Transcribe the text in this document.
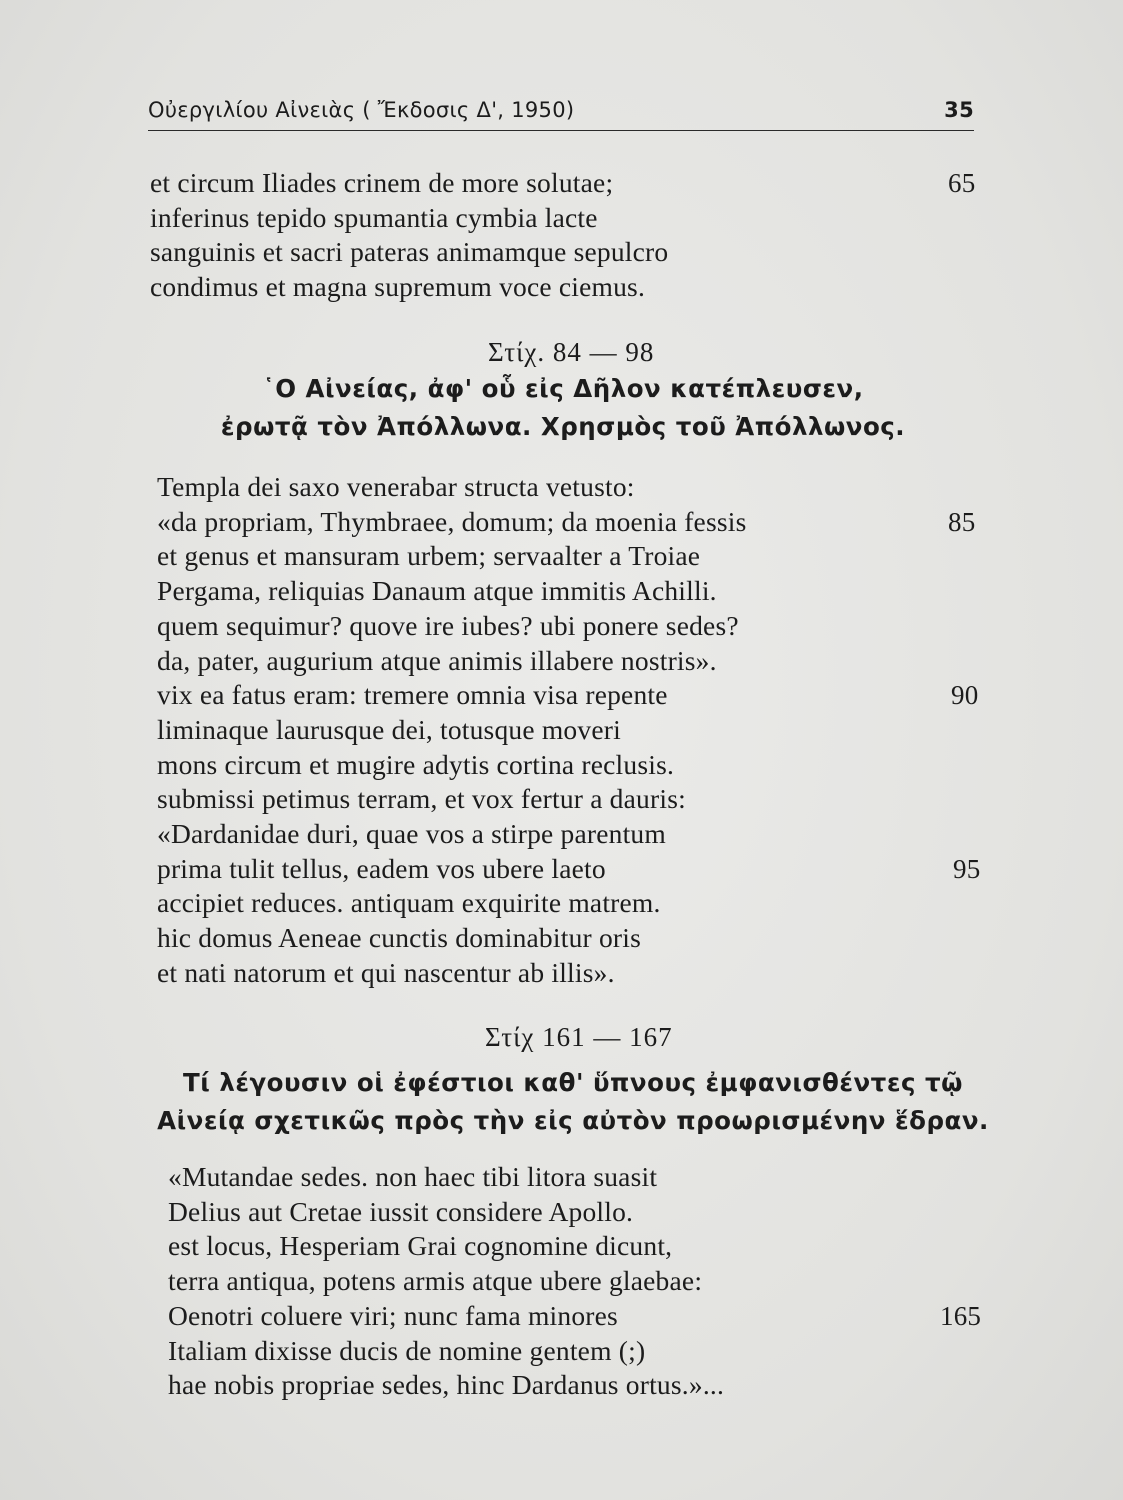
Οὐεργιλίου Αἰνειὰς ( Ἔκδοσις Δ', 1950)	35
et circum Iliades crinem de more solutae;	65
inferinus tepido spumantia cymbia lacte
sanguinis et sacri pateras animamque sepulcro
condimus et magna supremum voce ciemus.
Στίχ. 84 — 98
῾Ο Αἰνείας, ἀφ' οὗ εἰς Δῆλον κατέπλευσεν,
ἐρωτᾷ τὸν Ἀπόλλωνα. Χρησμὸς τοῦ Ἀπόλλωνος.
Templa dei saxo venerabar structa vetusto:
«da propriam, Thymbraee, domum; da moenia fessis	85
et genus et mansuram urbem; servaalter a Troiae
Pergama, reliquias Danaum atque immitis Achilli.
quem sequimur? quove ire iubes? ubi ponere sedes?
da, pater, augurium atque animis illabere nostris».
vix ea fatus eram: tremere omnia visa repente	90
liminaque laurusque dei, totusque moveri
mons circum et mugire adytis cortina reclusis.
submissi petimus terram, et vox fertur a dauris:
«Dardanidae duri, quae vos a stirpe parentum
prima tulit tellus, eadem vos ubere laeto	95
accipiet reduces. antiquam exquirite matrem.
hic domus Aeneae cunctis dominabitur oris
et nati natorum et qui nascentur ab illis».
Στίχ 161 — 167
Τί λέγουσιν οἱ ἐφέστιοι καθ' ὕπνους ἐμφανισθέντες τῷ
Αἰνείᾳ σχετικῶς πρὸς τὴν εἰς αὐτὸν προωρισμένην ἕδραν.
«Mutandae sedes. non haec tibi litora suasit
Delius aut Cretae iussit considere Apollo.
est locus, Hesperiam Grai cognomine dicunt,
terra antiqua, potens armis atque ubere glaebae:
Oenotri coluere viri; nunc fama minores	165
Italiam dixisse ducis de nomine gentem (;)
hae nobis propriae sedes, hinc Dardanus ortus.»...
